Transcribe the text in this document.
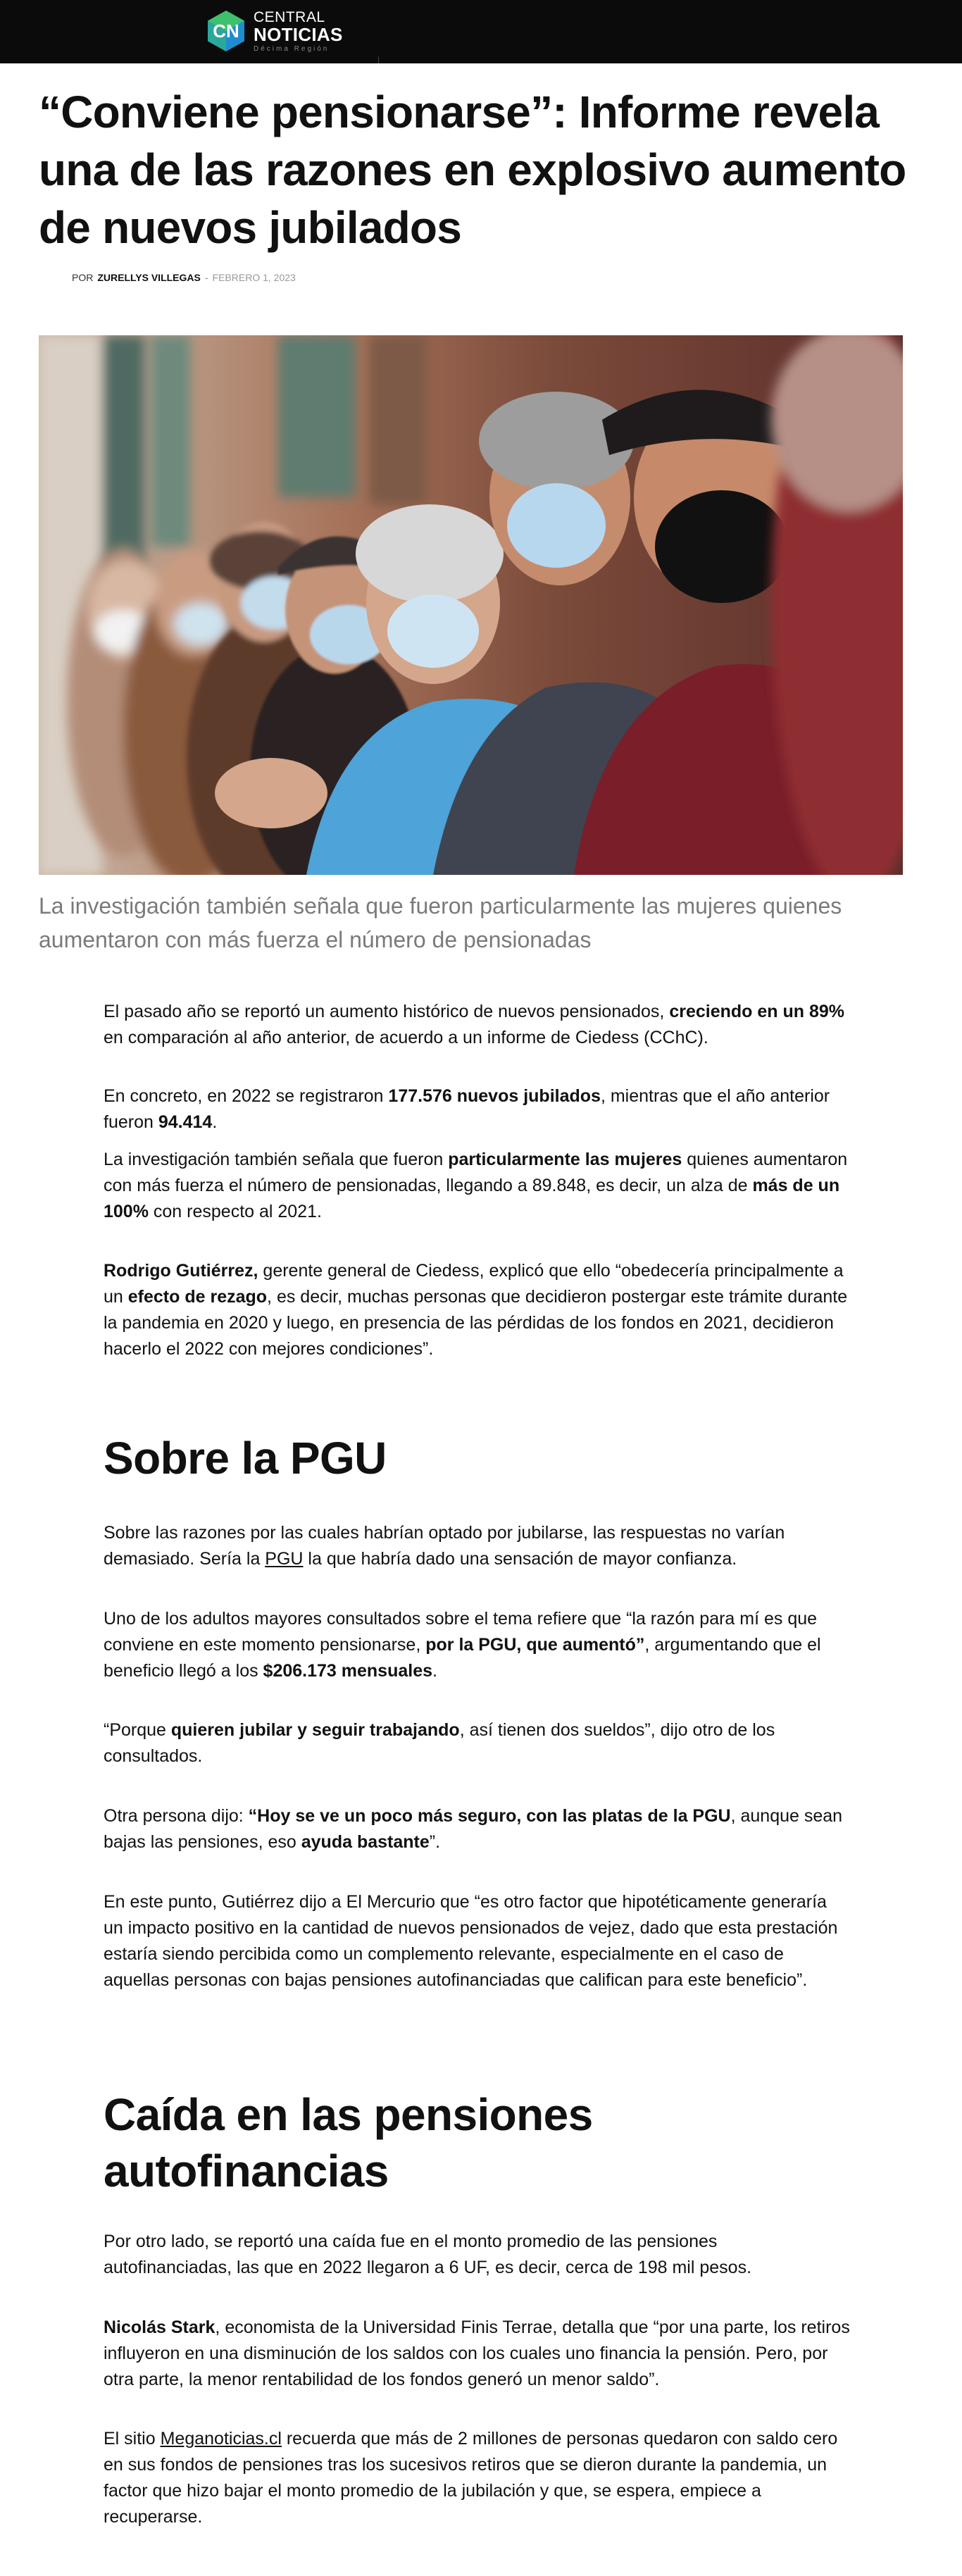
CN
CENTRAL
NOTICIAS
Décima Región
“Conviene pensionarse”: Informe revela una de las razones en explosivo aumento de nuevos jubilados
POR ZURELLYS VILLEGAS - FEBRERO 1, 2023

La investigación también señala que fueron particularmente las mujeres quienes aumentaron con más fuerza el número de pensionadas

El pasado año se reportó un aumento histórico de nuevos pensionados, creciendo en un 89% en comparación al año anterior, de acuerdo a un informe de Ciedess (CChC).

En concreto, en 2022 se registraron 177.576 nuevos jubilados, mientras que el año anterior fueron 94.414.

La investigación también señala que fueron particularmente las mujeres quienes aumentaron con más fuerza el número de pensionadas, llegando a 89.848, es decir, un alza de más de un 100% con respecto al 2021.

Rodrigo Gutiérrez, gerente general de Ciedess, explicó que ello “obedecería principalmente a un efecto de rezago, es decir, muchas personas que decidieron postergar este trámite durante la pandemia en 2020 y luego, en presencia de las pérdidas de los fondos en 2021, decidieron hacerlo el 2022 con mejores condiciones”.

Sobre la PGU

Sobre las razones por las cuales habrían optado por jubilarse, las respuestas no varían demasiado. Sería la PGU la que habría dado una sensación de mayor confianza.

Uno de los adultos mayores consultados sobre el tema refiere que “la razón para mí es que conviene en este momento pensionarse, por la PGU, que aumentó”, argumentando que el beneficio llegó a los $206.173 mensuales.

“Porque quieren jubilar y seguir trabajando, así tienen dos sueldos”, dijo otro de los consultados.

Otra persona dijo: “Hoy se ve un poco más seguro, con las platas de la PGU, aunque sean bajas las pensiones, eso ayuda bastante”.

En este punto, Gutiérrez dijo a El Mercurio que “es otro factor que hipotéticamente generaría un impacto positivo en la cantidad de nuevos pensionados de vejez, dado que esta prestación estaría siendo percibida como un complemento relevante, especialmente en el caso de aquellas personas con bajas pensiones autofinanciadas que califican para este beneficio”.

Caída en las pensiones autofinancias

Por otro lado, se reportó una caída fue en el monto promedio de las pensiones autofinanciadas, las que en 2022 llegaron a 6 UF, es decir, cerca de 198 mil pesos.

Nicolás Stark, economista de la Universidad Finis Terrae, detalla que “por una parte, los retiros influyeron en una disminución de los saldos con los cuales uno financia la pensión. Pero, por otra parte, la menor rentabilidad de los fondos generó un menor saldo”.

El sitio Meganoticias.cl recuerda que más de 2 millones de personas quedaron con saldo cero en sus fondos de pensiones tras los sucesivos retiros que se dieron durante la pandemia, un factor que hizo bajar el monto promedio de la jubilación y que, se espera, empiece a recuperarse.
